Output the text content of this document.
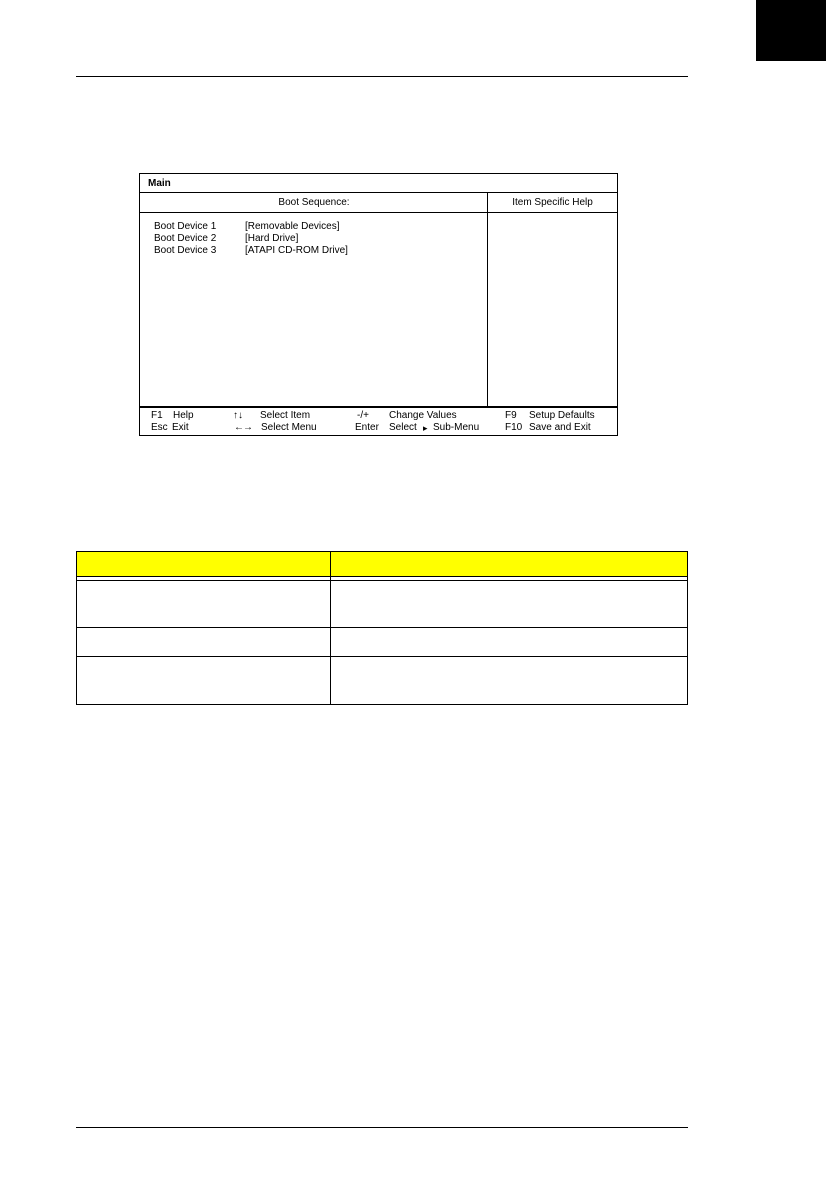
Main
Boot Sequence:	Item Specific Help
Boot Device 1	[Removable Devices]
Boot Device 2	[Hard Drive]
Boot Device 3	[ATAPI CD-ROM Drive]
F1 Help	↑↓ Select Item	-/+ Change Values	F9 Setup Defaults
Esc Exit	←→ Select Menu	Enter Select ▸ Sub-Menu	F10 Save and Exit
